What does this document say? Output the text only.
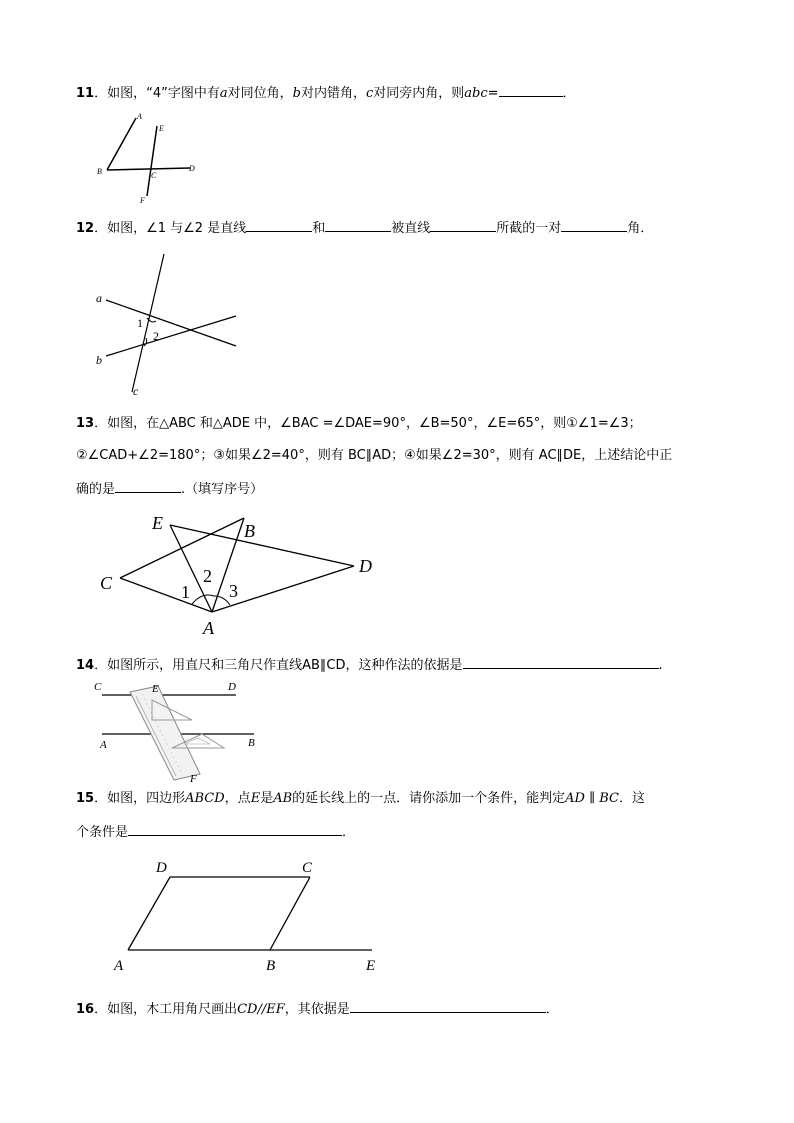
11．如图，“4”字图中有a对同位角，b对内错角，c对同旁内角，则abc=	．
A
E
B	C
D
F
12．如图，∠1 与∠2 是直线	和	被直线	所截的一对	角．
a
b
c
1
2
13．如图，在△ABC 和△ADE 中，∠BAC =∠DAE=90°，∠B=50°，∠E=65°，则①∠1=∠3；
②∠CAD+∠2=180°；③如果∠2=40°，则有 BC∥AD；④如果∠2=30°，则有 AC∥DE，上述结论中正
确的是	.（填写序号）
E	B
C
D
A
1
2
3
14．如图所示，用直尺和三角尺作直线AB∥CD，这种作法的依据是	.
C	E	D
A	B
F
15．如图，四边形ABCD，点E是AB的延长线上的一点．请你添加一个条件，能判定AD ∥ BC．这
个条件是	．
D	C
A	B	E
16．如图，木工用角尺画出CD//EF，其依据是	．
